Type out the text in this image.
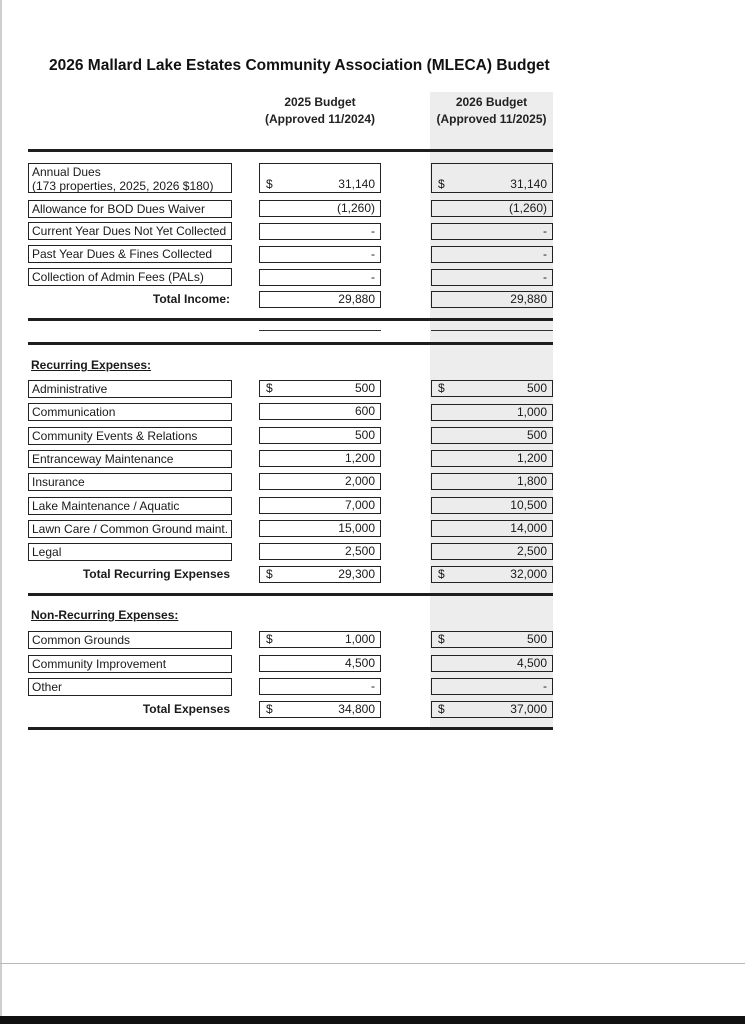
2026 Mallard Lake Estates Community Association (MLECA) Budget
2025 Budget
(Approved 11/2024)
2026 Budget
(Approved 11/2025)
Annual Dues
(173 properties, 2025, 2026 $180)	$	31,140	$	31,140
Allowance for BOD Dues Waiver	(1,260)	(1,260)
Current Year Dues Not Yet Collected	-	-
Past Year Dues & Fines Collected	-	-
Collection of Admin Fees (PALs)	-	-
Total Income:	29,880	29,880
Recurring Expenses:
Administrative	$	500	$	500
Communication	600	1,000
Community Events & Relations	500	500
Entranceway Maintenance	1,200	1,200
Insurance	2,000	1,800
Lake Maintenance / Aquatic	7,000	10,500
Lawn Care / Common Ground maint.	15,000	14,000
Legal	2,500	2,500
Total Recurring Expenses	$	29,300	$	32,000
Non-Recurring Expenses:
Common Grounds	$	1,000	$	500
Community Improvement	4,500	4,500
Other	-	-
Total Expenses	$	34,800	$	37,000
